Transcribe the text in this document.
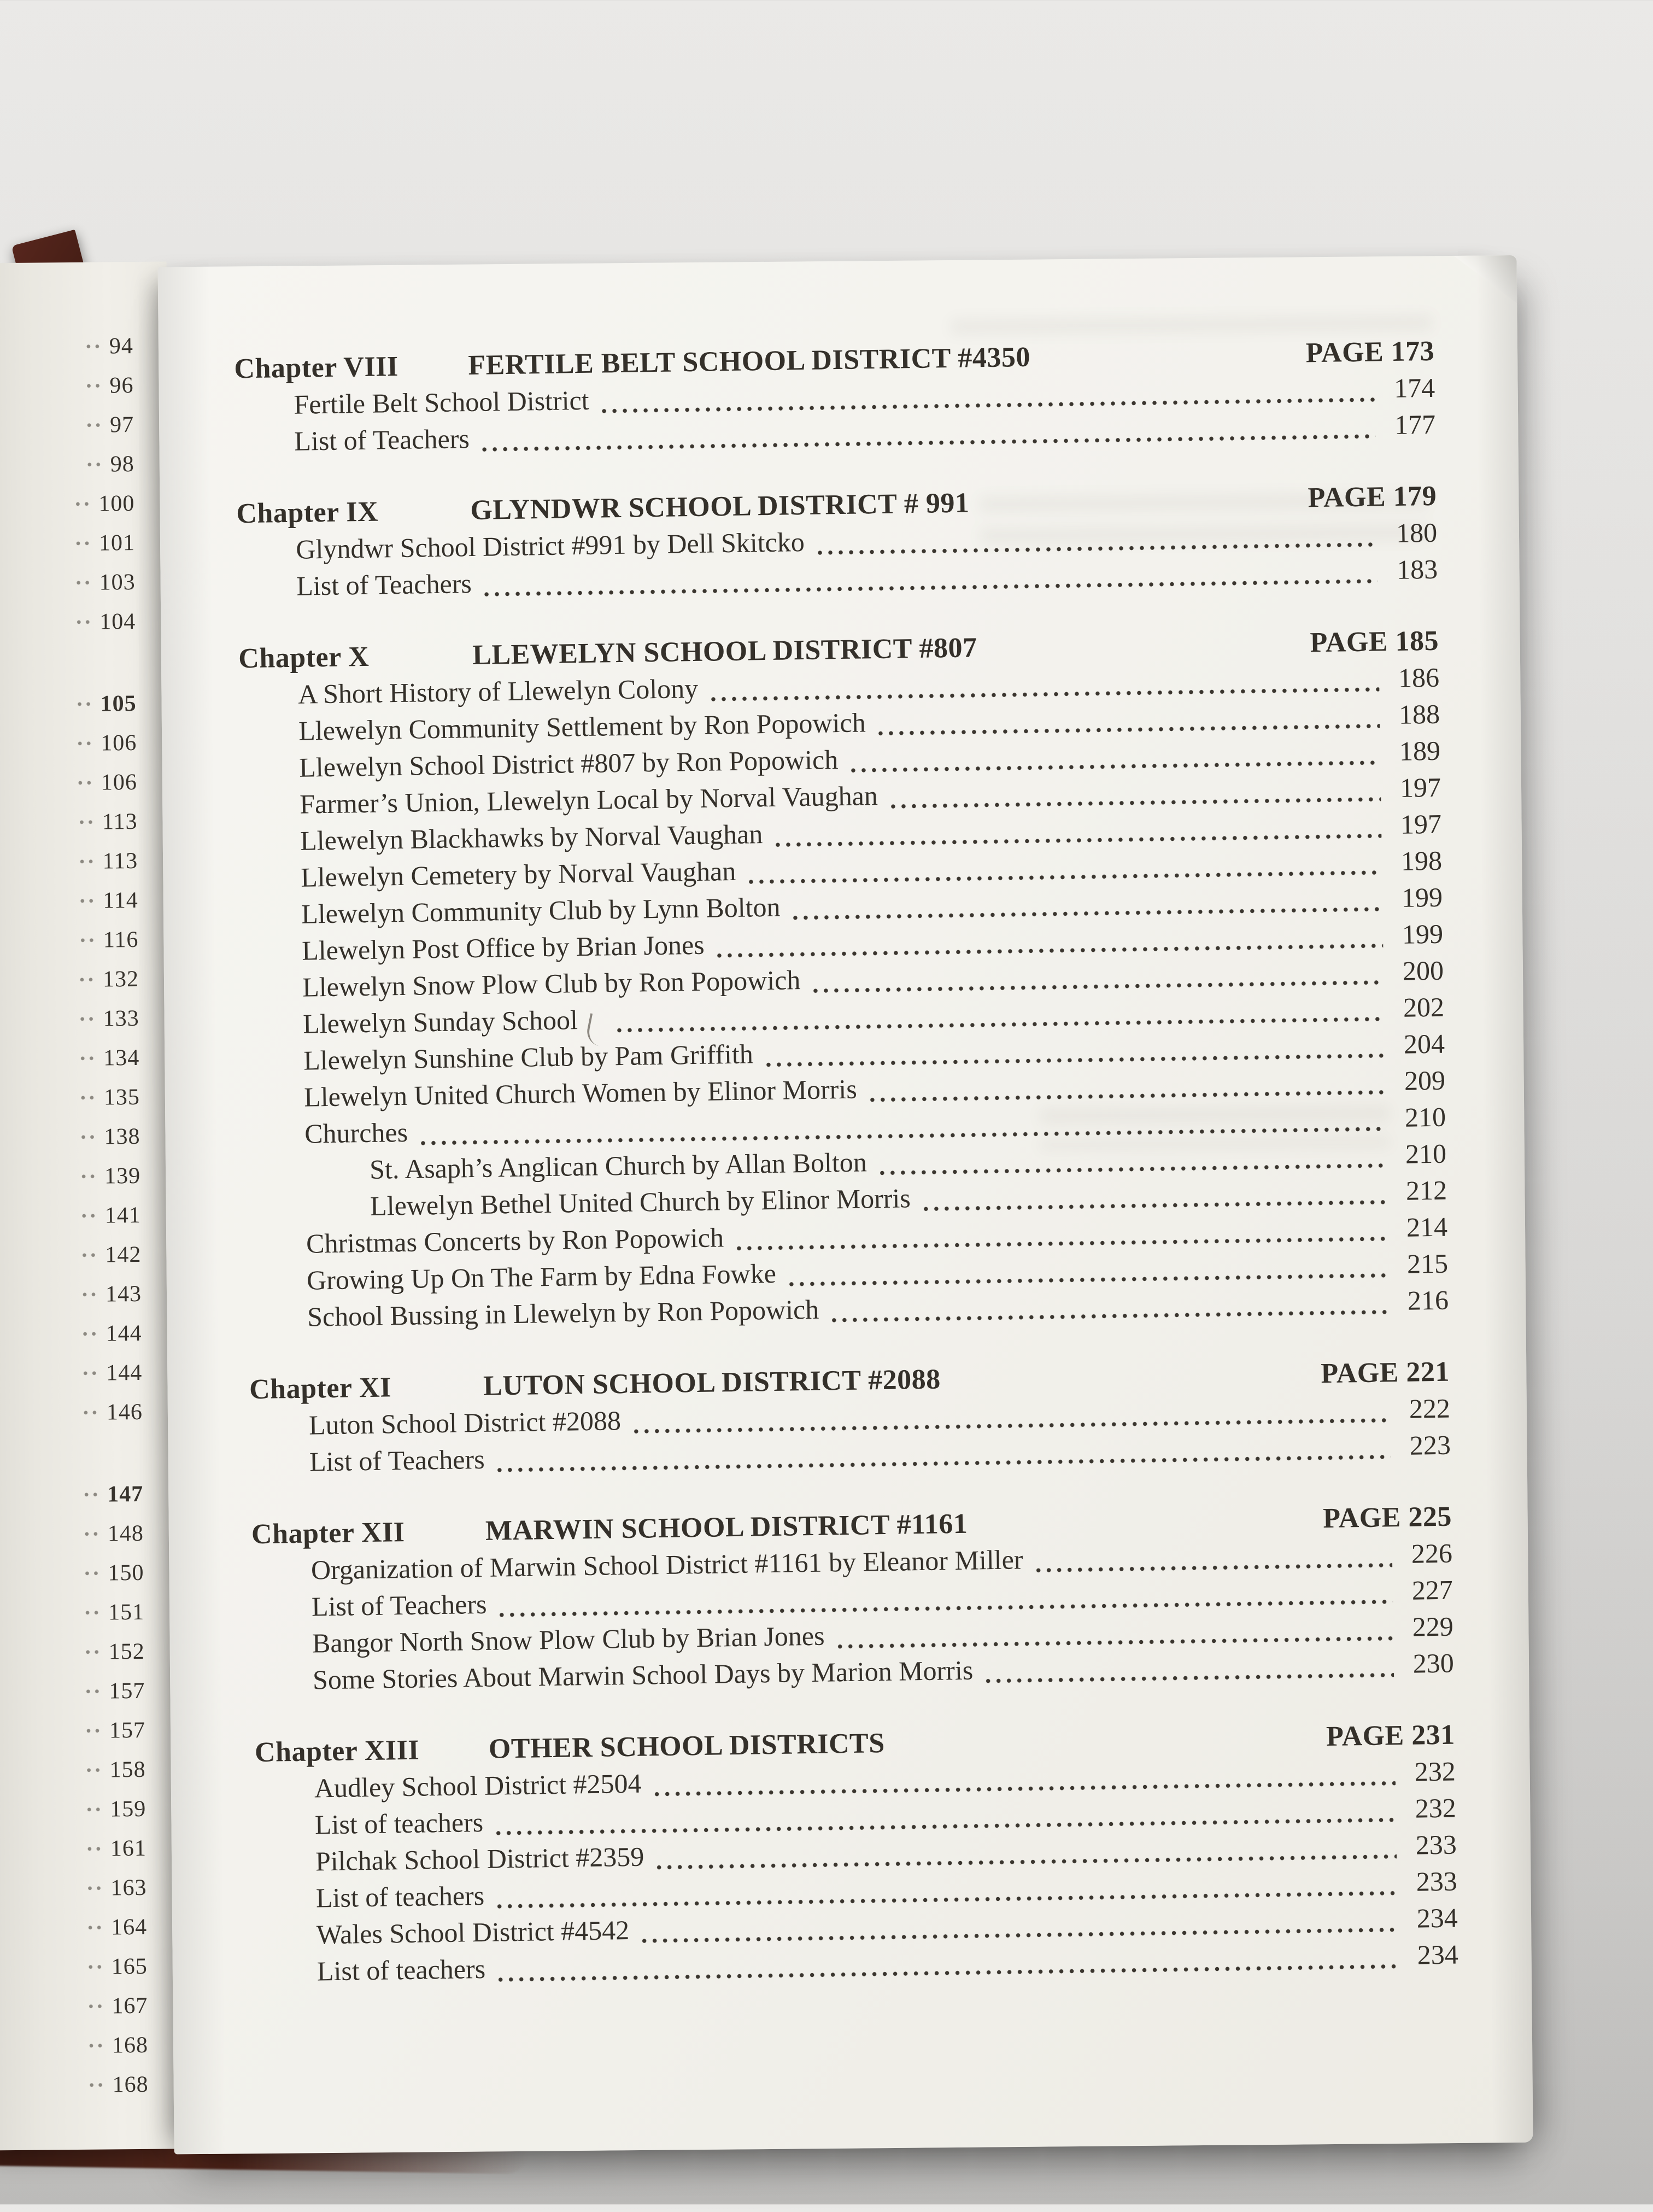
94
96
97
98
100
101
103
104
105
106
106
113
113
114
116
132
133
134
135
138
139
141
142
143
144
144
146
147
148
150
151
152
157
157
158
159
161
163
164
165
167
168
168
Chapter VIII	FERTILE BELT SCHOOL DISTRICT #4350	PAGE 173
Fertile Belt School District	174
List of Teachers	177
Chapter IX	GLYNDWR SCHOOL DISTRICT # 991	PAGE 179
Glyndwr School District #991 by Dell Skitcko	180
List of Teachers	183
Chapter X	LLEWELYN SCHOOL DISTRICT #807	PAGE 185
A Short History of Llewelyn Colony	186
Llewelyn Community Settlement by Ron Popowich	188
Llewelyn School District #807 by Ron Popowich	189
Farmer’s Union, Llewelyn Local by Norval Vaughan	197
Llewelyn Blackhawks by Norval Vaughan	197
Llewelyn Cemetery by Norval Vaughan	198
Llewelyn Community Club by Lynn Bolton	199
Llewelyn Post Office by Brian Jones	199
Llewelyn Snow Plow Club by Ron Popowich	200
Llewelyn Sunday School	202
Llewelyn Sunshine Club by Pam Griffith	204
Llewelyn United Church Women by Elinor Morris	209
Churches	210
St. Asaph’s Anglican Church by Allan Bolton	210
Llewelyn Bethel United Church by Elinor Morris	212
Christmas Concerts by Ron Popowich	214
Growing Up On The Farm by Edna Fowke	215
School Bussing in Llewelyn by Ron Popowich	216
Chapter XI	LUTON SCHOOL DISTRICT #2088	PAGE 221
Luton School District #2088	222
List of Teachers	223
Chapter XII	MARWIN SCHOOL DISTRICT #1161	PAGE 225
Organization of Marwin School District #1161 by Eleanor Miller	226
List of Teachers	227
Bangor North Snow Plow Club by Brian Jones	229
Some Stories About Marwin School Days by Marion Morris	230
Chapter XIII	OTHER SCHOOL DISTRICTS	PAGE 231
Audley School District #2504	232
List of teachers	232
Pilchak School District #2359	233
List of teachers	233
Wales School District #4542	234
List of teachers	234
